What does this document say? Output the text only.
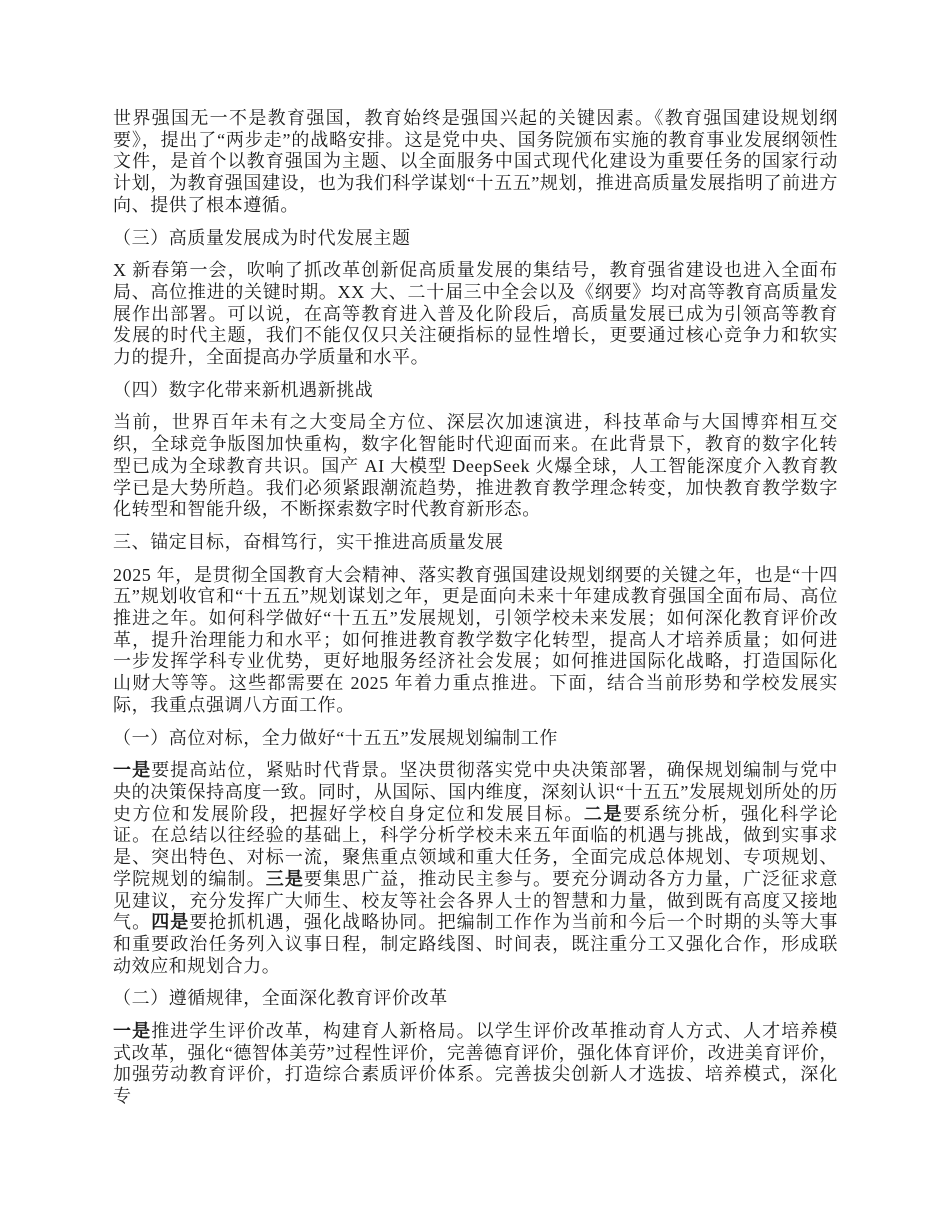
世界强国无一不是教育强国，教育始终是强国兴起的关键因素。《教育强国建设规划纲要》，提出了“两步走”的战略安排。这是党中央、国务院颁布实施的教育事业发展纲领性文件，是首个以教育强国为主题、以全面服务中国式现代化建设为重要任务的国家行动计划，为教育强国建设，也为我们科学谋划“十五五”规划，推进高质量发展指明了前进方向、提供了根本遵循。

（三）高质量发展成为时代发展主题

X 新春第一会，吹响了抓改革创新促高质量发展的集结号，教育强省建设也进入全面布局、高位推进的关键时期。XX 大、二十届三中全会以及《纲要》均对高等教育高质量发展作出部署。可以说，在高等教育进入普及化阶段后，高质量发展已成为引领高等教育发展的时代主题，我们不能仅仅只关注硬指标的显性增长，更要通过核心竞争力和软实力的提升，全面提高办学质量和水平。

（四）数字化带来新机遇新挑战

当前，世界百年未有之大变局全方位、深层次加速演进，科技革命与大国博弈相互交织，全球竞争版图加快重构，数字化智能时代迎面而来。在此背景下，教育的数字化转型已成为全球教育共识。国产 AI 大模型 DeepSeek 火爆全球，人工智能深度介入教育教学已是大势所趋。我们必须紧跟潮流趋势，推进教育教学理念转变，加快教育教学数字化转型和智能升级，不断探索数字时代教育新形态。

三、锚定目标，奋楫笃行，实干推进高质量发展

2025 年，是贯彻全国教育大会精神、落实教育强国建设规划纲要的关键之年，也是“十四五”规划收官和“十五五”规划谋划之年，更是面向未来十年建成教育强国全面布局、高位推进之年。如何科学做好“十五五”发展规划，引领学校未来发展；如何深化教育评价改革，提升治理能力和水平；如何推进教育教学数字化转型，提高人才培养质量；如何进一步发挥学科专业优势，更好地服务经济社会发展；如何推进国际化战略，打造国际化山财大等等。这些都需要在 2025 年着力重点推进。下面，结合当前形势和学校发展实际，我重点强调八方面工作。

（一）高位对标，全力做好“十五五”发展规划编制工作

一是要提高站位，紧贴时代背景。坚决贯彻落实党中央决策部署，确保规划编制与党中央的决策保持高度一致。同时，从国际、国内维度，深刻认识“十五五”发展规划所处的历史方位和发展阶段，把握好学校自身定位和发展目标。二是要系统分析，强化科学论证。在总结以往经验的基础上，科学分析学校未来五年面临的机遇与挑战，做到实事求是、突出特色、对标一流，聚焦重点领域和重大任务，全面完成总体规划、专项规划、学院规划的编制。三是要集思广益，推动民主参与。要充分调动各方力量，广泛征求意见建议，充分发挥广大师生、校友等社会各界人士的智慧和力量，做到既有高度又接地气。四是要抢抓机遇，强化战略协同。把编制工作作为当前和今后一个时期的头等大事和重要政治任务列入议事日程，制定路线图、时间表，既注重分工又强化合作，形成联动效应和规划合力。

（二）遵循规律，全面深化教育评价改革

一是推进学生评价改革，构建育人新格局。以学生评价改革推动育人方式、人才培养模式改革，强化“德智体美劳”过程性评价，完善德育评价，强化体育评价，改进美育评价，加强劳动教育评价，打造综合素质评价体系。完善拔尖创新人才选拔、培养模式，深化专
